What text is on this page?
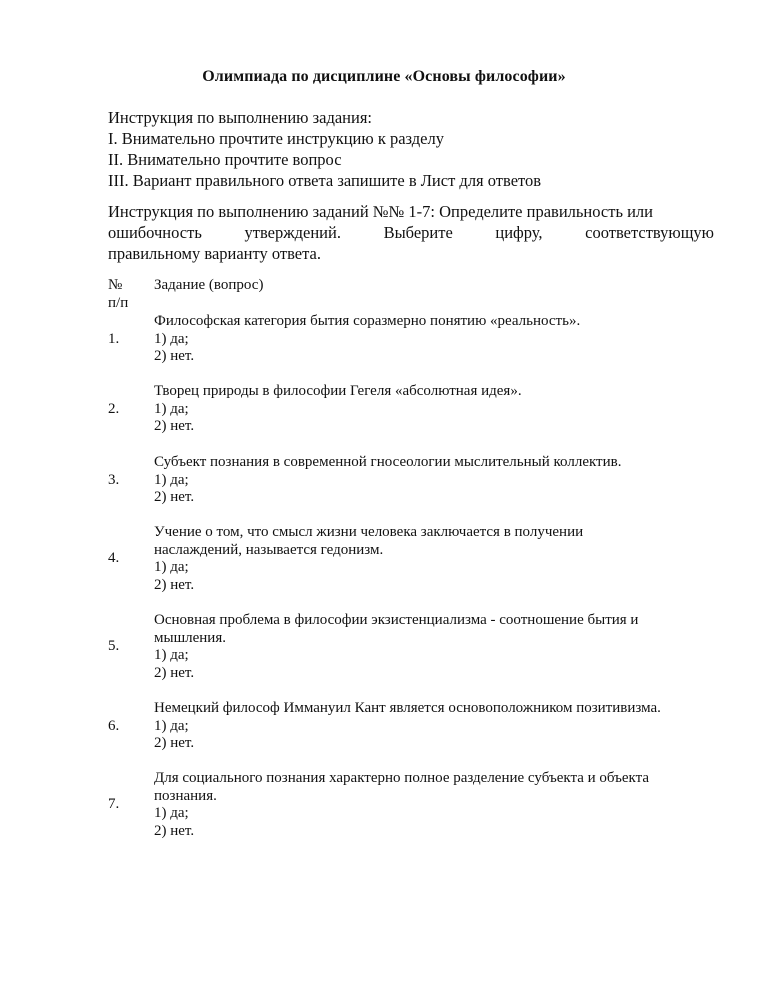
Олимпиада по дисциплине «Основы философии»
Инструкция по выполнению задания:
I. Внимательно прочтите инструкцию к разделу
II. Внимательно прочтите вопрос
III. Вариант правильного ответа запишите в Лист для ответов
Инструкция по выполнению заданий №№ 1-7: Определите правильность или
ошибочность утверждений. Выберите цифру, соответствующую
правильному варианту ответа.
№
п/п
Задание (вопрос)
1.
Философская категория бытия соразмерно понятию «реальность».
1) да;
2) нет.
2.
Творец природы в философии Гегеля «абсолютная идея».
1) да;
2) нет.
3.
Субъект познания в современной гносеологии мыслительный коллектив.
1) да;
2) нет.
4.
Учение о том, что смысл жизни человека заключается в получении
наслаждений, называется гедонизм.
1) да;
2) нет.
5.
Основная проблема в философии экзистенциализма - соотношение бытия и
мышления.
1) да;
2) нет.
6.
Немецкий философ Иммануил Кант является основоположником позитивизма.
1) да;
2) нет.
7.
Для социального познания характерно полное разделение субъекта и объекта
познания.
1) да;
2) нет.
